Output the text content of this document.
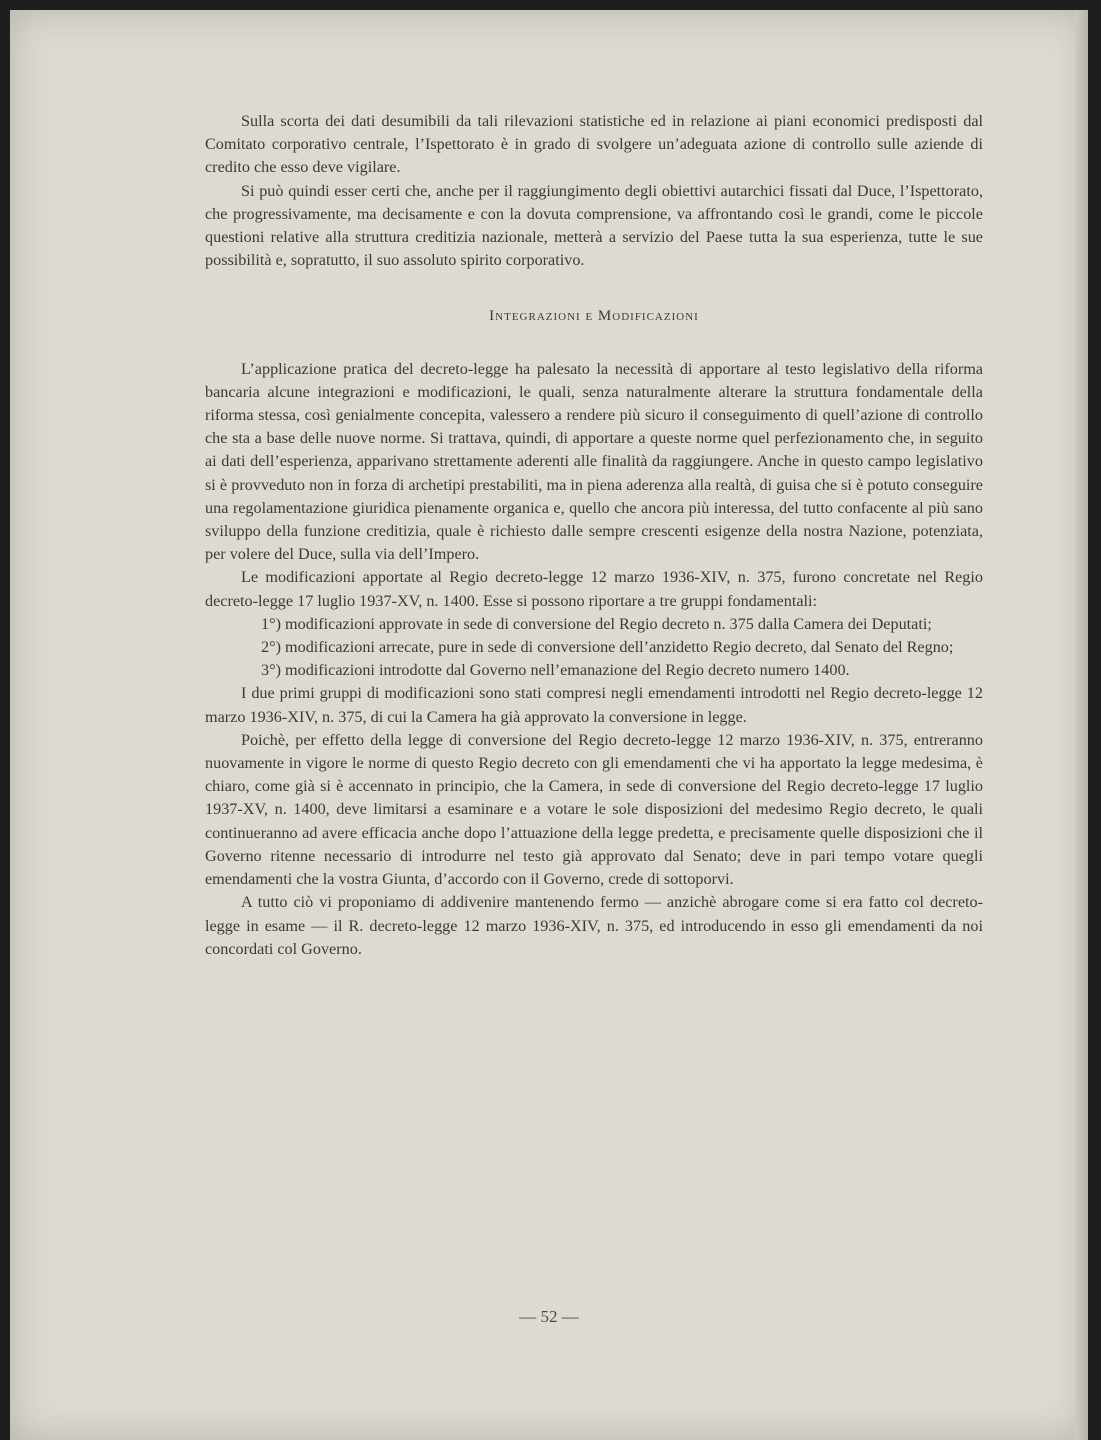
Sulla scorta dei dati desumibili da tali rilevazioni statistiche ed in relazione ai piani economici predisposti dal Comitato corporativo centrale, l’Ispettorato è in grado di svolgere un’adeguata azione di controllo sulle aziende di credito che esso deve vigilare.

Si può quindi esser certi che, anche per il raggiungimento degli obiettivi autarchici fissati dal Duce, l’Ispettorato, che progressivamente, ma decisamente e con la dovuta comprensione, va affrontando così le grandi, come le piccole questioni relative alla struttura creditizia nazionale, metterà a servizio del Paese tutta la sua esperienza, tutte le sue possibilità e, sopratutto, il suo assoluto spirito corporativo.

Integrazioni e Modificazioni

L’applicazione pratica del decreto-legge ha palesato la necessità di apportare al testo legislativo della riforma bancaria alcune integrazioni e modificazioni, le quali, senza naturalmente alterare la struttura fondamentale della riforma stessa, così genialmente concepita, valessero a rendere più sicuro il conseguimento di quell’azione di controllo che sta a base delle nuove norme. Si trattava, quindi, di apportare a queste norme quel perfezionamento che, in seguito ai dati dell’esperienza, apparivano strettamente aderenti alle finalità da raggiungere. Anche in questo campo legislativo si è provveduto non in forza di archetipi prestabiliti, ma in piena aderenza alla realtà, di guisa che si è potuto conseguire una regolamentazione giuridica pienamente organica e, quello che ancora più interessa, del tutto confacente al più sano sviluppo della funzione creditizia, quale è richiesto dalle sempre crescenti esigenze della nostra Nazione, potenziata, per volere del Duce, sulla via dell’Impero.

Le modificazioni apportate al Regio decreto-legge 12 marzo 1936-XIV, n. 375, furono concretate nel Regio decreto-legge 17 luglio 1937-XV, n. 1400. Esse si possono riportare a tre gruppi fondamentali:

1°) modificazioni approvate in sede di conversione del Regio decreto n. 375 dalla Camera dei Deputati;

2°) modificazioni arrecate, pure in sede di conversione dell’anzidetto Regio decreto, dal Senato del Regno;

3°) modificazioni introdotte dal Governo nell’emanazione del Regio decreto numero 1400.

I due primi gruppi di modificazioni sono stati compresi negli emendamenti introdotti nel Regio decreto-legge 12 marzo 1936-XIV, n. 375, di cui la Camera ha già approvato la conversione in legge.

Poichè, per effetto della legge di conversione del Regio decreto-legge 12 marzo 1936-XIV, n. 375, entreranno nuovamente in vigore le norme di questo Regio decreto con gli emendamenti che vi ha apportato la legge medesima, è chiaro, come già si è accennato in principio, che la Camera, in sede di conversione del Regio decreto-legge 17 luglio 1937-XV, n. 1400, deve limitarsi a esaminare e a votare le sole disposizioni del medesimo Regio decreto, le quali continueranno ad avere efficacia anche dopo l’attuazione della legge predetta, e precisamente quelle disposizioni che il Governo ritenne necessario di introdurre nel testo già approvato dal Senato; deve in pari tempo votare quegli emendamenti che la vostra Giunta, d’accordo con il Governo, crede di sottoporvi.

A tutto ciò vi proponiamo di addivenire mantenendo fermo — anzichè abrogare come si era fatto col decreto-legge in esame — il R. decreto-legge 12 marzo 1936-XIV, n. 375, ed introducendo in esso gli emendamenti da noi concordati col Governo.

— 52 —
